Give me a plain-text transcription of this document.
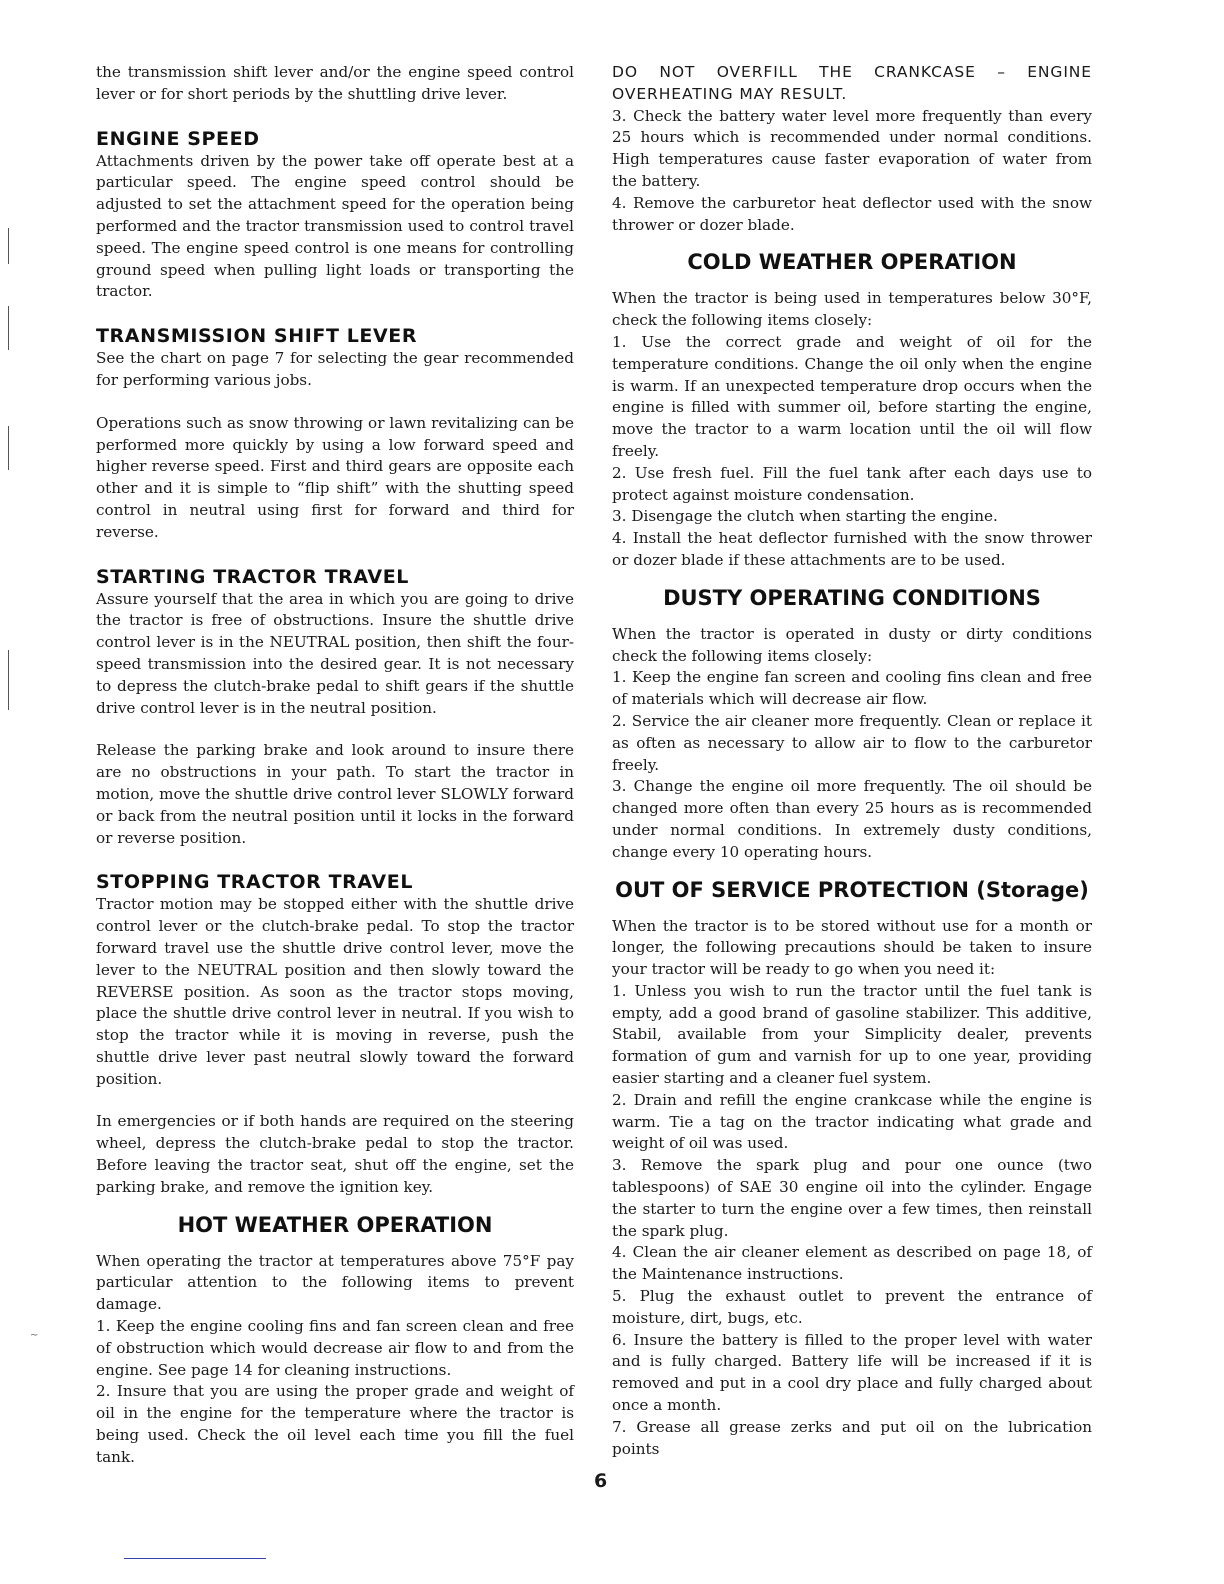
~

the transmission shift lever and/or the engine speed control lever or for short periods by the shuttling drive lever.

ENGINE SPEED

Attachments driven by the power take off operate best at a particular speed. The engine speed control should be adjusted to set the attachment speed for the operation being performed and the tractor transmission used to control travel speed. The engine speed control is one means for controlling ground speed when pulling light loads or transporting the tractor.

TRANSMISSION SHIFT LEVER

See the chart on page 7 for selecting the gear recommended for performing various jobs.

Operations such as snow throwing or lawn revitalizing can be performed more quickly by using a low forward speed and higher reverse speed. First and third gears are opposite each other and it is simple to “flip shift” with the shutting speed control in neutral using first for forward and third for reverse.

STARTING TRACTOR TRAVEL

Assure yourself that the area in which you are going to drive the tractor is free of obstructions. Insure the shuttle drive control lever is in the NEUTRAL position, then shift the four-speed transmission into the desired gear. It is not necessary to depress the clutch-brake pedal to shift gears if the shuttle drive control lever is in the neutral position.

Release the parking brake and look around to insure there are no obstructions in your path. To start the tractor in motion, move the shuttle drive control lever SLOWLY forward or back from the neutral position until it locks in the forward or reverse position.

STOPPING TRACTOR TRAVEL

Tractor motion may be stopped either with the shuttle drive control lever or the clutch-brake pedal. To stop the tractor forward travel use the shuttle drive control lever, move the lever to the NEUTRAL position and then slowly toward the REVERSE position. As soon as the tractor stops moving, place the shuttle drive control lever in neutral. If you wish to stop the tractor while it is moving in reverse, push the shuttle drive lever past neutral slowly toward the forward position.

In emergencies or if both hands are required on the steering wheel, depress the clutch-brake pedal to stop the tractor. Before leaving the tractor seat, shut off the engine, set the parking brake, and remove the ignition key.

HOT WEATHER OPERATION

When operating the tractor at temperatures above 75°F pay particular attention to the following items to prevent damage.

1. Keep the engine cooling fins and fan screen clean and free of obstruction which would decrease air flow to and from the engine. See page 14 for cleaning instructions.

2. Insure that you are using the proper grade and weight of oil in the engine for the temperature where the tractor is being used. Check the oil level each time you fill the fuel tank.

DO NOT OVERFILL THE CRANKCASE – ENGINE OVERHEATING MAY RESULT.

3. Check the battery water level more frequently than every 25 hours which is recommended under normal conditions. High temperatures cause faster evaporation of water from the battery.

4. Remove the carburetor heat deflector used with the snow thrower or dozer blade.

COLD WEATHER OPERATION

When the tractor is being used in temperatures below 30°F, check the following items closely:

1. Use the correct grade and weight of oil for the temperature conditions. Change the oil only when the engine is warm. If an unexpected temperature drop occurs when the engine is filled with summer oil, before starting the engine, move the tractor to a warm location until the oil will flow freely.

2. Use fresh fuel. Fill the fuel tank after each days use to protect against moisture condensation.

3. Disengage the clutch when starting the engine.

4. Install the heat deflector furnished with the snow thrower or dozer blade if these attachments are to be used.

DUSTY OPERATING CONDITIONS

When the tractor is operated in dusty or dirty conditions check the following items closely:

1. Keep the engine fan screen and cooling fins clean and free of materials which will decrease air flow.

2. Service the air cleaner more frequently. Clean or replace it as often as necessary to allow air to flow to the carburetor freely.

3. Change the engine oil more frequently. The oil should be changed more often than every 25 hours as is recommended under normal conditions. In extremely dusty conditions, change every 10 operating hours.

OUT OF SERVICE PROTECTION (Storage)

When the tractor is to be stored without use for a month or longer, the following precautions should be taken to insure your tractor will be ready to go when you need it:

1. Unless you wish to run the tractor until the fuel tank is empty, add a good brand of gasoline stabilizer. This additive, Stabil, available from your Simplicity dealer, prevents formation of gum and varnish for up to one year, providing easier starting and a cleaner fuel system.

2. Drain and refill the engine crankcase while the engine is warm. Tie a tag on the tractor indicating what grade and weight of oil was used.

3. Remove the spark plug and pour one ounce (two tablespoons) of SAE 30 engine oil into the cylinder. Engage the starter to turn the engine over a few times, then reinstall the spark plug.

4. Clean the air cleaner element as described on page 18, of the Maintenance instructions.

5. Plug the exhaust outlet to prevent the entrance of moisture, dirt, bugs, etc.

6. Insure the battery is filled to the proper level with water and is fully charged. Battery life will be increased if it is removed and put in a cool dry place and fully charged about once a month.

7. Grease all grease zerks and put oil on the lubrication points

6
